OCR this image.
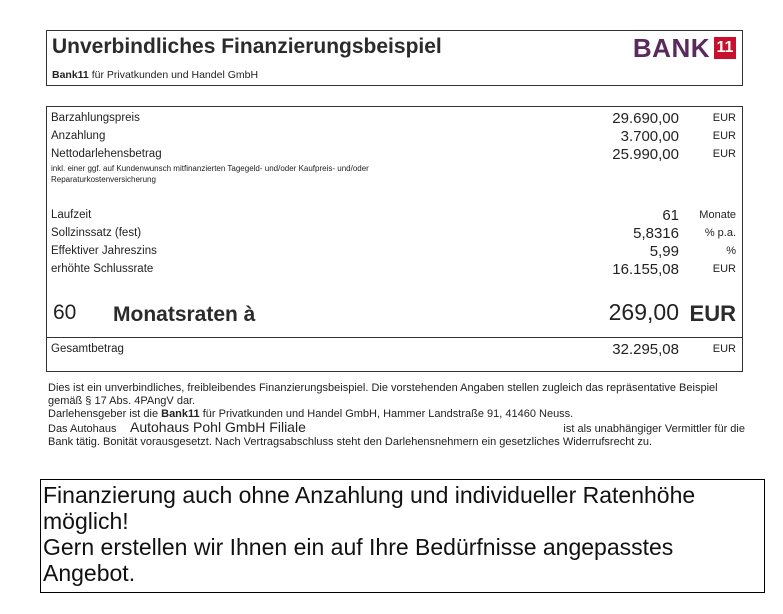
Unverbindliches Finanzierungsbeispiel
Bank11 für Privatkunden und Handel GmbH
BANK 11
Barzahlungspreis	29.690,00	EUR
Anzahlung	3.700,00	EUR
Nettodarlehensbetrag	25.990,00	EUR
inkl. einer ggf. auf Kundenwunsch mitfinanzierten Tagegeld- und/oder Kaufpreis- und/oder Reparaturkostenversicherung
Laufzeit	61 Monate
Sollzinssatz (fest)	5,8316 % p.a.
Effektiver Jahreszins	5,99	%
erhöhte Schlussrate	16.155,08	EUR
60 Monatsraten à	269,00 EUR
Gesamtbetrag	32.295,08	EUR

Dies ist ein unverbindliches, freibleibendes Finanzierungsbeispiel. Die vorstehenden Angaben stellen zugleich das repräsentative Beispiel gemäß § 17 Abs. 4PAngV dar.

Darlehensgeber ist die Bank11 für Privatkunden und Handel GmbH, Hammer Landstraße 91, 41460 Neuss.

Das Autohaus Autohaus Pohl GmbH Filiale	ist als unabhängiger Vermittler für die

Bank tätig. Bonität vorausgesetzt. Nach Vertragsabschluss steht den Darlehensnehmern ein gesetzliches Widerrufsrecht zu.

Finanzierung auch ohne Anzahlung und individueller Ratenhöhe möglich!

Gern erstellen wir Ihnen ein auf Ihre Bedürfnisse angepasstes Angebot.
